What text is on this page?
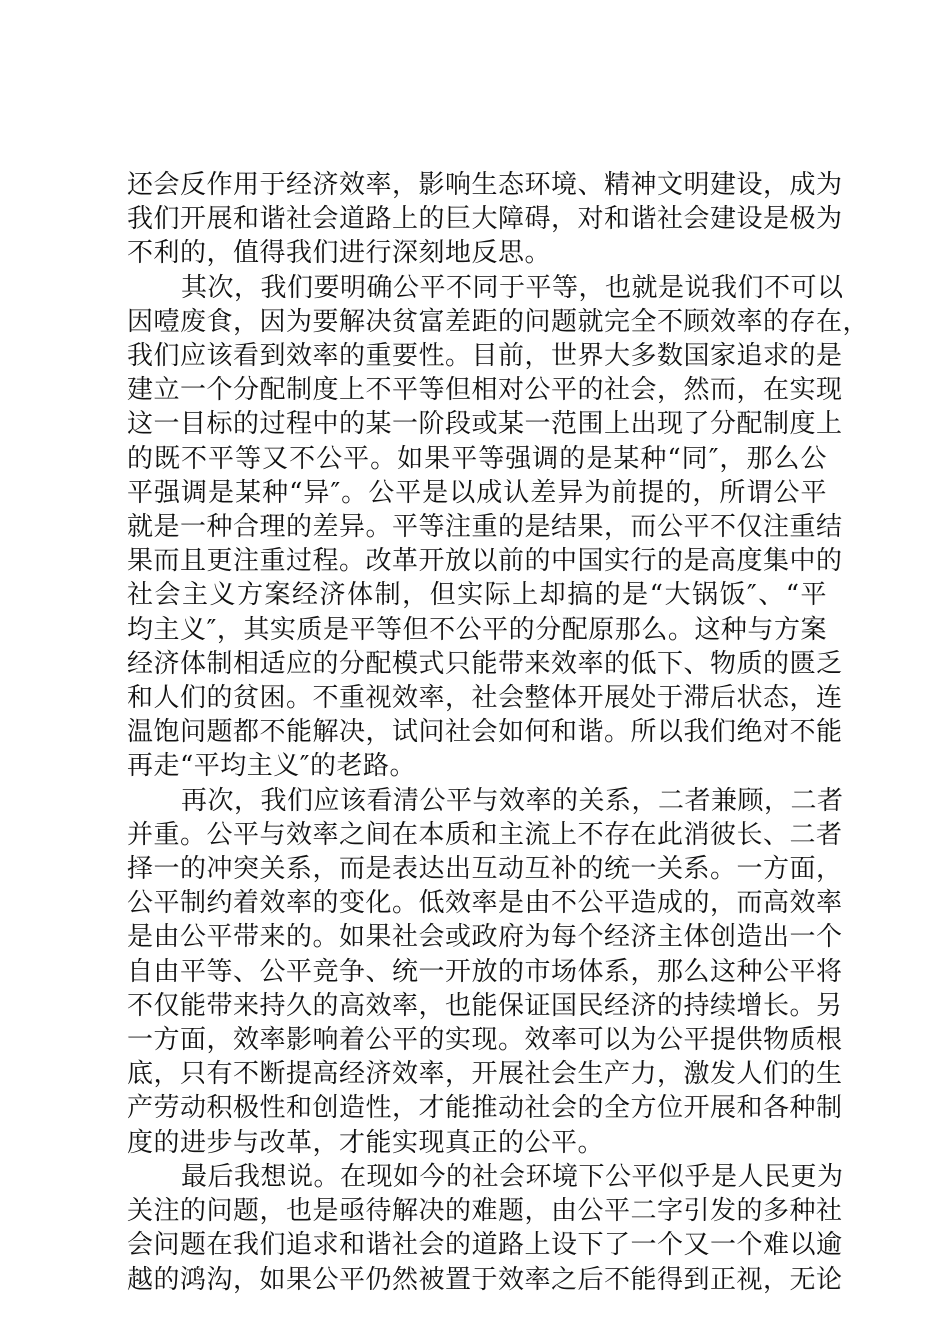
还会反作用于经济效率，影响生态环境、精神文明建设，成为
我们开展和谐社会道路上的巨大障碍，对和谐社会建设是极为
不利的，值得我们进行深刻地反思。
其次，我们要明确公平不同于平等，也就是说我们不可以
因噎废食，因为要解决贫富差距的问题就完全不顾效率的存在，
我们应该看到效率的重要性。目前，世界大多数国家追求的是
建立一个分配制度上不平等但相对公平的社会，然而，在实现
这一目标的过程中的某一阶段或某一范围上出现了分配制度上
的既不平等又不公平。如果平等强调的是某种“同″，那么公
平强调是某种“异″。公平是以成认差异为前提的，所谓公平
就是一种合理的差异。平等注重的是结果，而公平不仅注重结
果而且更注重过程。改革开放以前的中国实行的是高度集中的
社会主义方案经济体制，但实际上却搞的是“大锅饭″、“平
均主义″，其实质是平等但不公平的分配原那么。这种与方案
经济体制相适应的分配模式只能带来效率的低下、物质的匮乏
和人们的贫困。不重视效率，社会整体开展处于滞后状态，连
温饱问题都不能解决，试问社会如何和谐。所以我们绝对不能
再走“平均主义″的老路。
再次，我们应该看清公平与效率的关系，二者兼顾，二者
并重。公平与效率之间在本质和主流上不存在此消彼长、二者
择一的冲突关系，而是表达出互动互补的统一关系。一方面，
公平制约着效率的变化。低效率是由不公平造成的，而高效率
是由公平带来的。如果社会或政府为每个经济主体创造出一个
自由平等、公平竞争、统一开放的市场体系，那么这种公平将
不仅能带来持久的高效率，也能保证国民经济的持续增长。另
一方面，效率影响着公平的实现。效率可以为公平提供物质根
底，只有不断提高经济效率，开展社会生产力，激发人们的生
产劳动积极性和创造性，才能推动社会的全方位开展和各种制
度的进步与改革，才能实现真正的公平。
最后我想说。在现如今的社会环境下公平似乎是人民更为
关注的问题，也是亟待解决的难题，由公平二字引发的多种社
会问题在我们追求和谐社会的道路上设下了一个又一个难以逾
越的鸿沟，如果公平仍然被置于效率之后不能得到正视，无论
